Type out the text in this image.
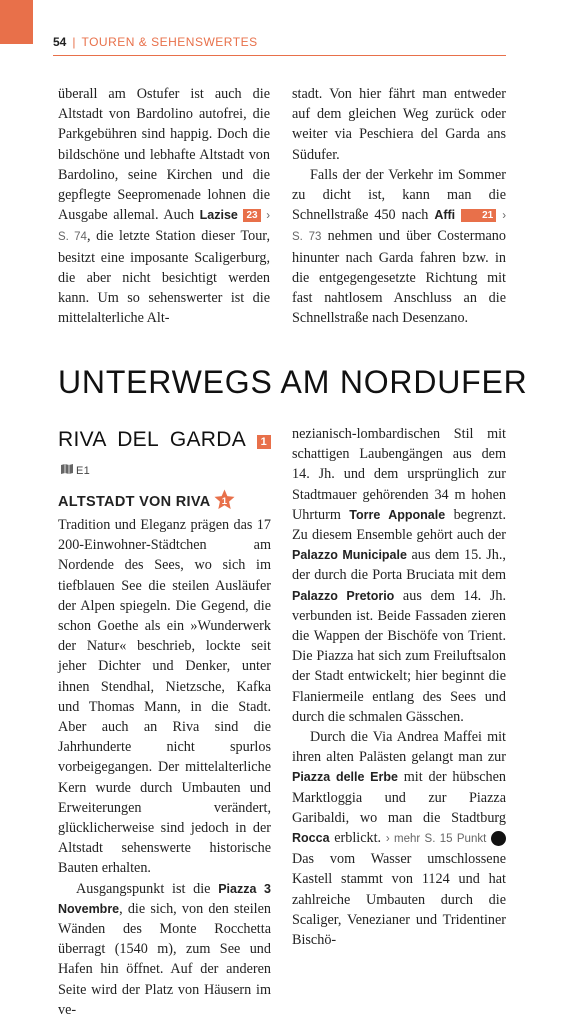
54 | TOUREN & SEHENSWERTES

überall am Ostufer ist auch die Altstadt von Bardolino autofrei, die Parkgebühren sind happig. Doch die bildschöne und lebhafte Altstadt von Bardolino, seine Kirchen und die gepflegte Seepromenade lohnen die Ausgabe allemal. Auch Lazise 23 › S. 74, die letzte Station dieser Tour, besitzt eine imposante Scaligerburg, die aber nicht besichtigt werden kann. Um so sehenswerter ist die mittelalterliche Alt-

stadt. Von hier fährt man entweder auf dem gleichen Weg zurück oder weiter via Peschiera del Garda ans Südufer.

Falls der der Verkehr im Sommer zu dicht ist, kann man die Schnellstraße 450 nach Affi	21 › S. 73 nehmen und über Costermano hinunter nach Garda fahren bzw. in die entgegengesetzte Richtung mit fast nahtlosem Anschluss an die Schnellstraße nach Desenzano.

UNTERWEGS AM NORDUFER
RIVA DEL GARDA 1E1
ALTSTADT VON RIVA 1

Tradition und Eleganz prägen das 17 200-Einwohner-Städtchen am Nordende des Sees, wo sich im tiefblauen See die steilen Ausläufer der Alpen spiegeln. Die Gegend, die schon Goethe als ein »Wunderwerk der Natur« beschrieb, lockte seit jeher Dichter und Denker, unter ihnen Stendhal, Nietzsche, Kafka und Thomas Mann, in die Stadt. Aber auch an Riva sind die Jahrhunderte nicht spurlos vorbeigegangen. Der mittelalterliche Kern wurde durch Umbauten und Erweiterungen verändert, glücklicherweise sind jedoch in der Altstadt sehenswerte historische Bauten erhalten.

Ausgangspunkt ist die Piazza 3 Novembre, die sich, von den steilen Wänden des Monte Rocchetta überragt (1540 m), zum See und Hafen hin öffnet. Auf der anderen Seite wird der Platz von Häusern im ve-

nezianisch-lombardischen Stil mit schattigen Laubengängen aus dem 14. Jh. und dem ursprünglich zur Stadtmauer gehörenden 34 m hohen Uhrturm Torre Apponale begrenzt. Zu diesem Ensemble gehört auch der Palazzo Municipale aus dem 15. Jh., der durch die Porta Bruciata mit dem Palazzo Pretorio aus dem 14. Jh. verbunden ist. Beide Fassaden zieren die Wappen der Bischöfe von Trient. Die Piazza hat sich zum Freiluftsalon der Stadt entwickelt; hier beginnt die Flaniermeile entlang des Sees und durch die schmalen Gässchen.

Durch die Via Andrea Maffei mit ihren alten Palästen gelangt man zur Piazza delle Erbe mit der hübschen Marktloggia und zur Piazza Garibaldi, wo man die Stadtburg Rocca erblickt. › mehr S. 15 Punkt	27 Das vom Wasser umschlossene Kastell stammt von 1124 und hat zahlreiche Umbauten durch die Scaliger, Venezianer und Tridentiner Bischö-
